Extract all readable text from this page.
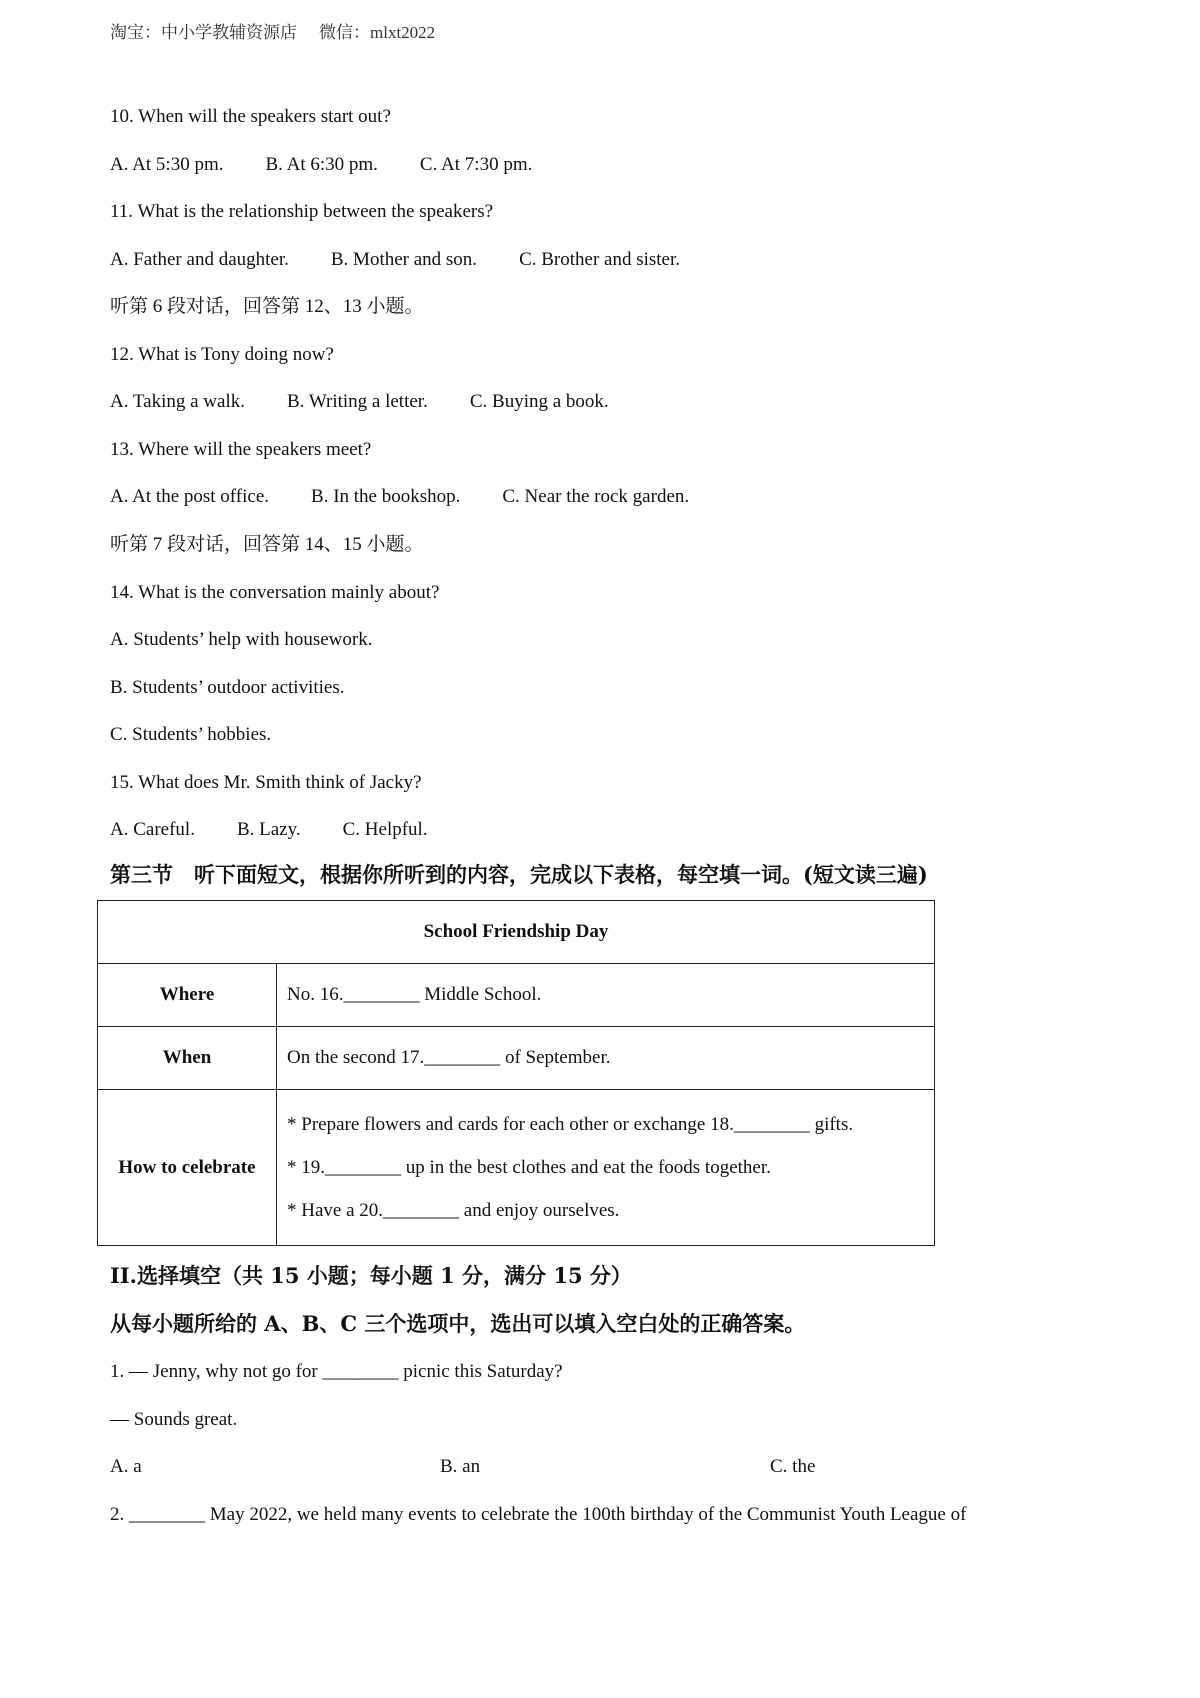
淘宝：中小学教辅资源店 微信：mlxt2022
10. When will the speakers start out?
A. At 5:30 pm. B. At 6:30 pm. C. At 7:30 pm.
11. What is the relationship between the speakers?
A. Father and daughter. B. Mother and son. C. Brother and sister.
听第 6 段对话，回答第 12、13 小题。
12. What is Tony doing now?
A. Taking a walk. B. Writing a letter. C. Buying a book.
13. Where will the speakers meet?
A. At the post office. B. In the bookshop. C. Near the rock garden.
听第 7 段对话，回答第 14、15 小题。
14. What is the conversation mainly about?
A. Students’ help with housework.
B. Students’ outdoor activities.
C. Students’ hobbies.
15. What does Mr. Smith think of Jacky?
A. Careful. B. Lazy. C. Helpful.
第三节　听下面短文，根据你所听到的内容，完成以下表格，每空填一词。(短文读三遍)
School Friendship Day	
Where	No. 16.________ Middle School.
When	On the second 17.________ of September.
How to celebrate	* Prepare flowers and cards for each other or exchange 18.________ gifts.
* 19.________ up in the best clothes and eat the foods together.
* Have a 20.________ and enjoy ourselves.
II.选择填空（共 15 小题；每小题 1 分，满分 15 分）
从每小题所给的 A、B、C 三个选项中，选出可以填入空白处的正确答案。
1. — Jenny, why not go for ________ picnic this Saturday?
— Sounds great.
A. a	B. an	C. the
2. ________ May 2022, we held many events to celebrate the 100th birthday of the Communist Youth League of
